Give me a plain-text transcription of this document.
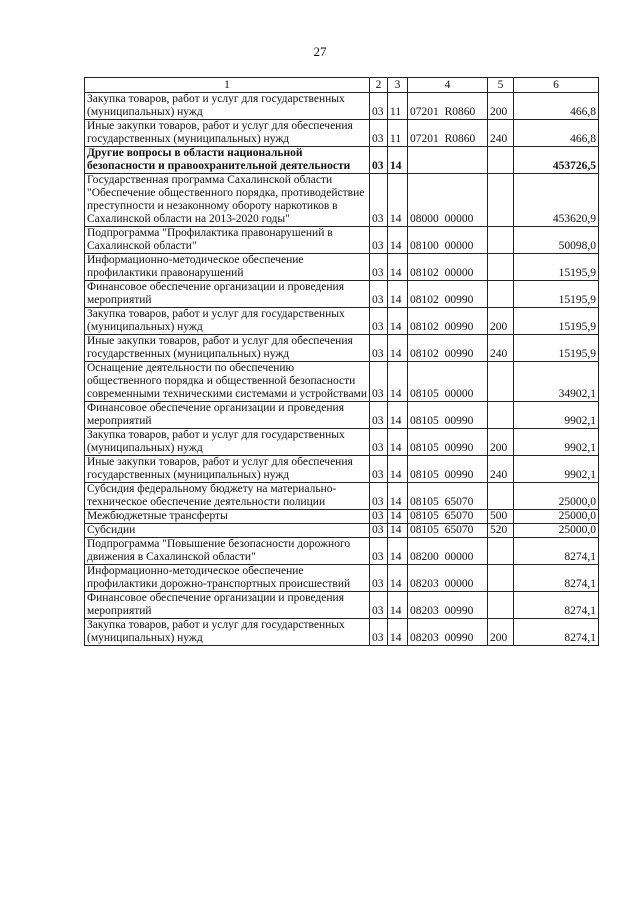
27
1	2	3	4	5	6
Закупка товаров, работ и услуг для государственных (муниципальных) нужд	03	11	07201 R0860	200	466,8
Иные закупки товаров, работ и услуг для обеспечения государственных (муниципальных) нужд	03	11	07201 R0860	240	466,8
Другие вопросы в области национальной безопасности и правоохранительной деятельности	03	14			453726,5
Государственная программа Сахалинской области "Обеспечение общественного порядка, противодействие преступности и незаконному обороту наркотиков в Сахалинской области на 2013-2020 годы"	03	14	08000 00000		453620,9
Подпрограмма "Профилактика правонарушений в Сахалинской области"	03	14	08100 00000		50098,0
Информационно-методическое обеспечение профилактики правонарушений	03	14	08102 00000		15195,9
Финансовое обеспечение организации и проведения мероприятий	03	14	08102 00990		15195,9
Закупка товаров, работ и услуг для государственных (муниципальных) нужд	03	14	08102 00990	200	15195,9
Иные закупки товаров, работ и услуг для обеспечения государственных (муниципальных) нужд	03	14	08102 00990	240	15195,9
Оснащение деятельности по обеспечению общественного порядка и общественной безопасности современными техническими системами и устройствами	03	14	08105 00000		34902,1
Финансовое обеспечение организации и проведения мероприятий	03	14	08105 00990		9902,1
Закупка товаров, работ и услуг для государственных (муниципальных) нужд	03	14	08105 00990	200	9902,1
Иные закупки товаров, работ и услуг для обеспечения государственных (муниципальных) нужд	03	14	08105 00990	240	9902,1
Субсидия федеральному бюджету на материально-техническое обеспечение деятельности полиции	03	14	08105 65070		25000,0
Межбюджетные трансферты	03	14	08105 65070	500	25000,0
Субсидии	03	14	08105 65070	520	25000,0
Подпрограмма "Повышение безопасности дорожного движения в Сахалинской области"	03	14	08200 00000		8274,1
Информационно-методическое обеспечение профилактики дорожно-транспортных происшествий	03	14	08203 00000		8274,1
Финансовое обеспечение организации и проведения мероприятий	03	14	08203 00990		8274,1
Закупка товаров, работ и услуг для государственных (муниципальных) нужд	03	14	08203 00990	200	8274,1
